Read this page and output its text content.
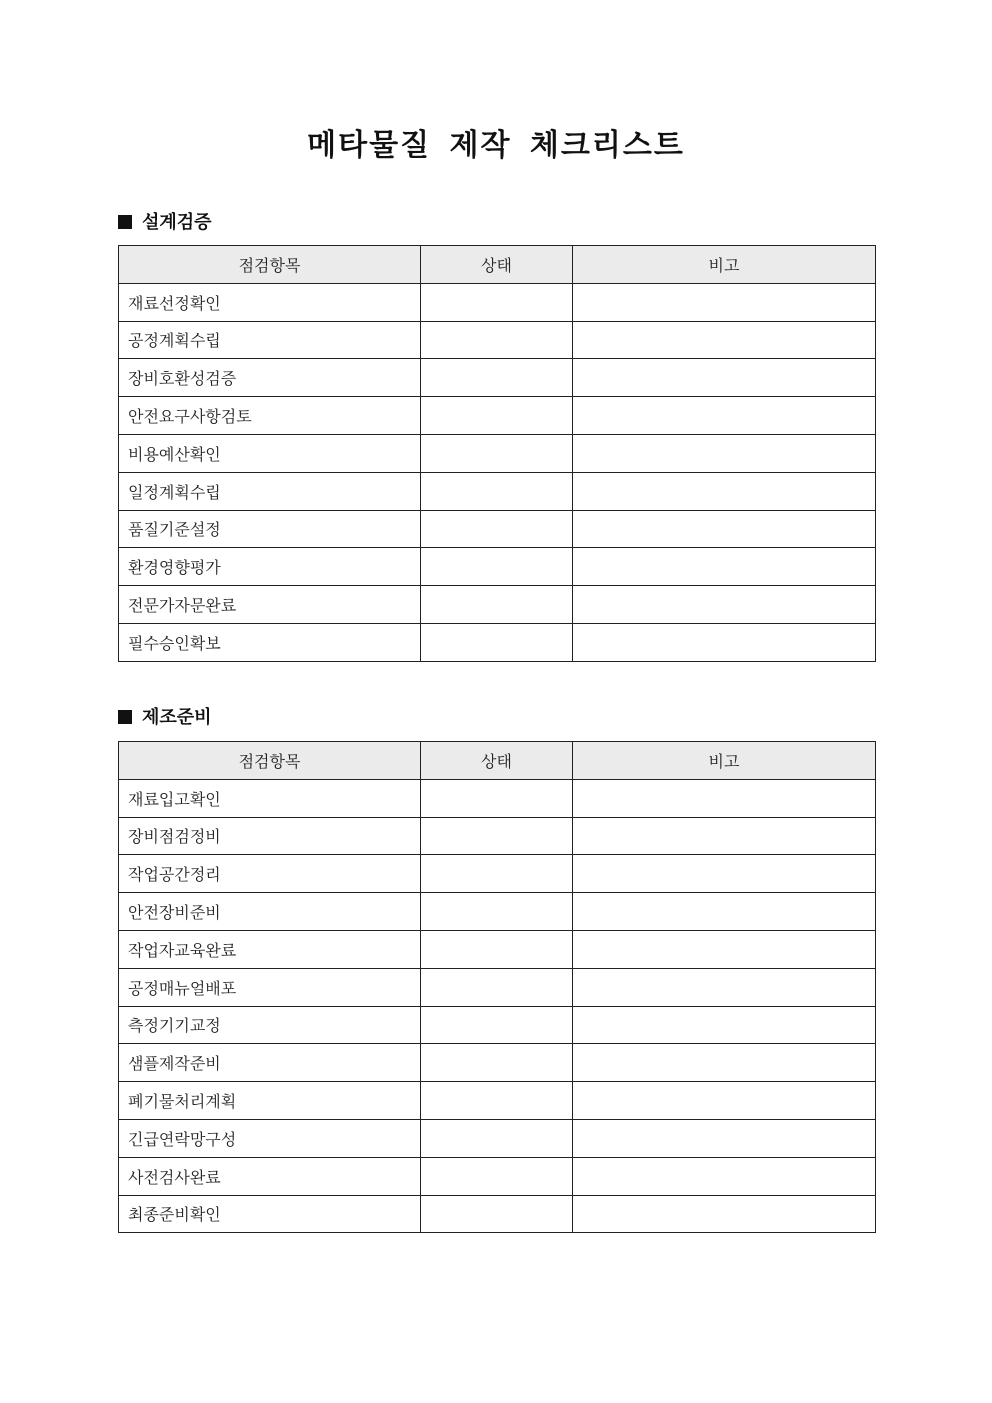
메타물질 제작 체크리스트
설계검증
점검항목	상태	비고
재료선정확인		
공정계획수립		
장비호환성검증		
안전요구사항검토		
비용예산확인		
일정계획수립		
품질기준설정		
환경영향평가		
전문가자문완료		
필수승인확보		
제조준비
점검항목	상태	비고
재료입고확인		
장비점검정비		
작업공간정리		
안전장비준비		
작업자교육완료		
공정매뉴얼배포		
측정기기교정		
샘플제작준비		
폐기물처리계획		
긴급연락망구성		
사전검사완료		
최종준비확인		
